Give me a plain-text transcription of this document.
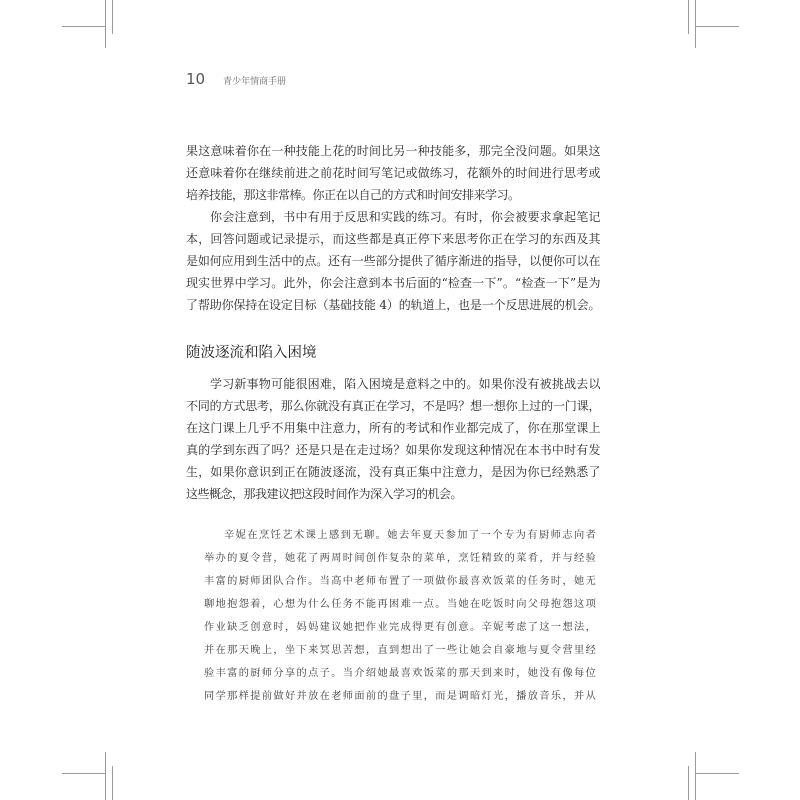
10 青少年情商手册
果这意味着你在一种技能上花的时间比另一种技能多，那完全没问题。如果这
还意味着你在继续前进之前花时间写笔记或做练习，花额外的时间进行思考或
培养技能，那这非常棒。你正在以自己的方式和时间安排来学习。
你会注意到，书中有用于反思和实践的练习。有时，你会被要求拿起笔记
本，回答问题或记录提示，而这些都是真正停下来思考你正在学习的东西及其
是如何应用到生活中的点。还有一些部分提供了循序渐进的指导，以便你可以在
现实世界中学习。此外，你会注意到本书后面的“检查一下”。“检查一下”是为
了帮助你保持在设定目标（基础技能 4）的轨道上，也是一个反思进展的机会。
随波逐流和陷入困境
学习新事物可能很困难，陷入困境是意料之中的。如果你没有被挑战去以
不同的方式思考，那么你就没有真正在学习，不是吗？想一想你上过的一门课，
在这门课上几乎不用集中注意力，所有的考试和作业都完成了，你在那堂课上
真的学到东西了吗？还是只是在走过场？如果你发现这种情况在本书中时有发
生，如果你意识到正在随波逐流，没有真正集中注意力，是因为你已经熟悉了
这些概念，那我建议把这段时间作为深入学习的机会。
辛妮在烹饪艺术课上感到无聊。她去年夏天参加了一个专为有厨师志向者
举办的夏令营，她花了两周时间创作复杂的菜单，烹饪精致的菜肴，并与经验
丰富的厨师团队合作。当高中老师布置了一项做你最喜欢饭菜的任务时，她无
聊地抱怨着，心想为什么任务不能再困难一点。当她在吃饭时向父母抱怨这项
作业缺乏创意时，妈妈建议她把作业完成得更有创意。辛妮考虑了这一想法，
并在那天晚上，坐下来冥思苦想，直到想出了一些让她会自豪地与夏令营里经
验丰富的厨师分享的点子。当介绍她最喜欢饭菜的那天到来时，她没有像每位
同学那样提前做好并放在老师面前的盘子里，而是调暗灯光，播放音乐，并从
